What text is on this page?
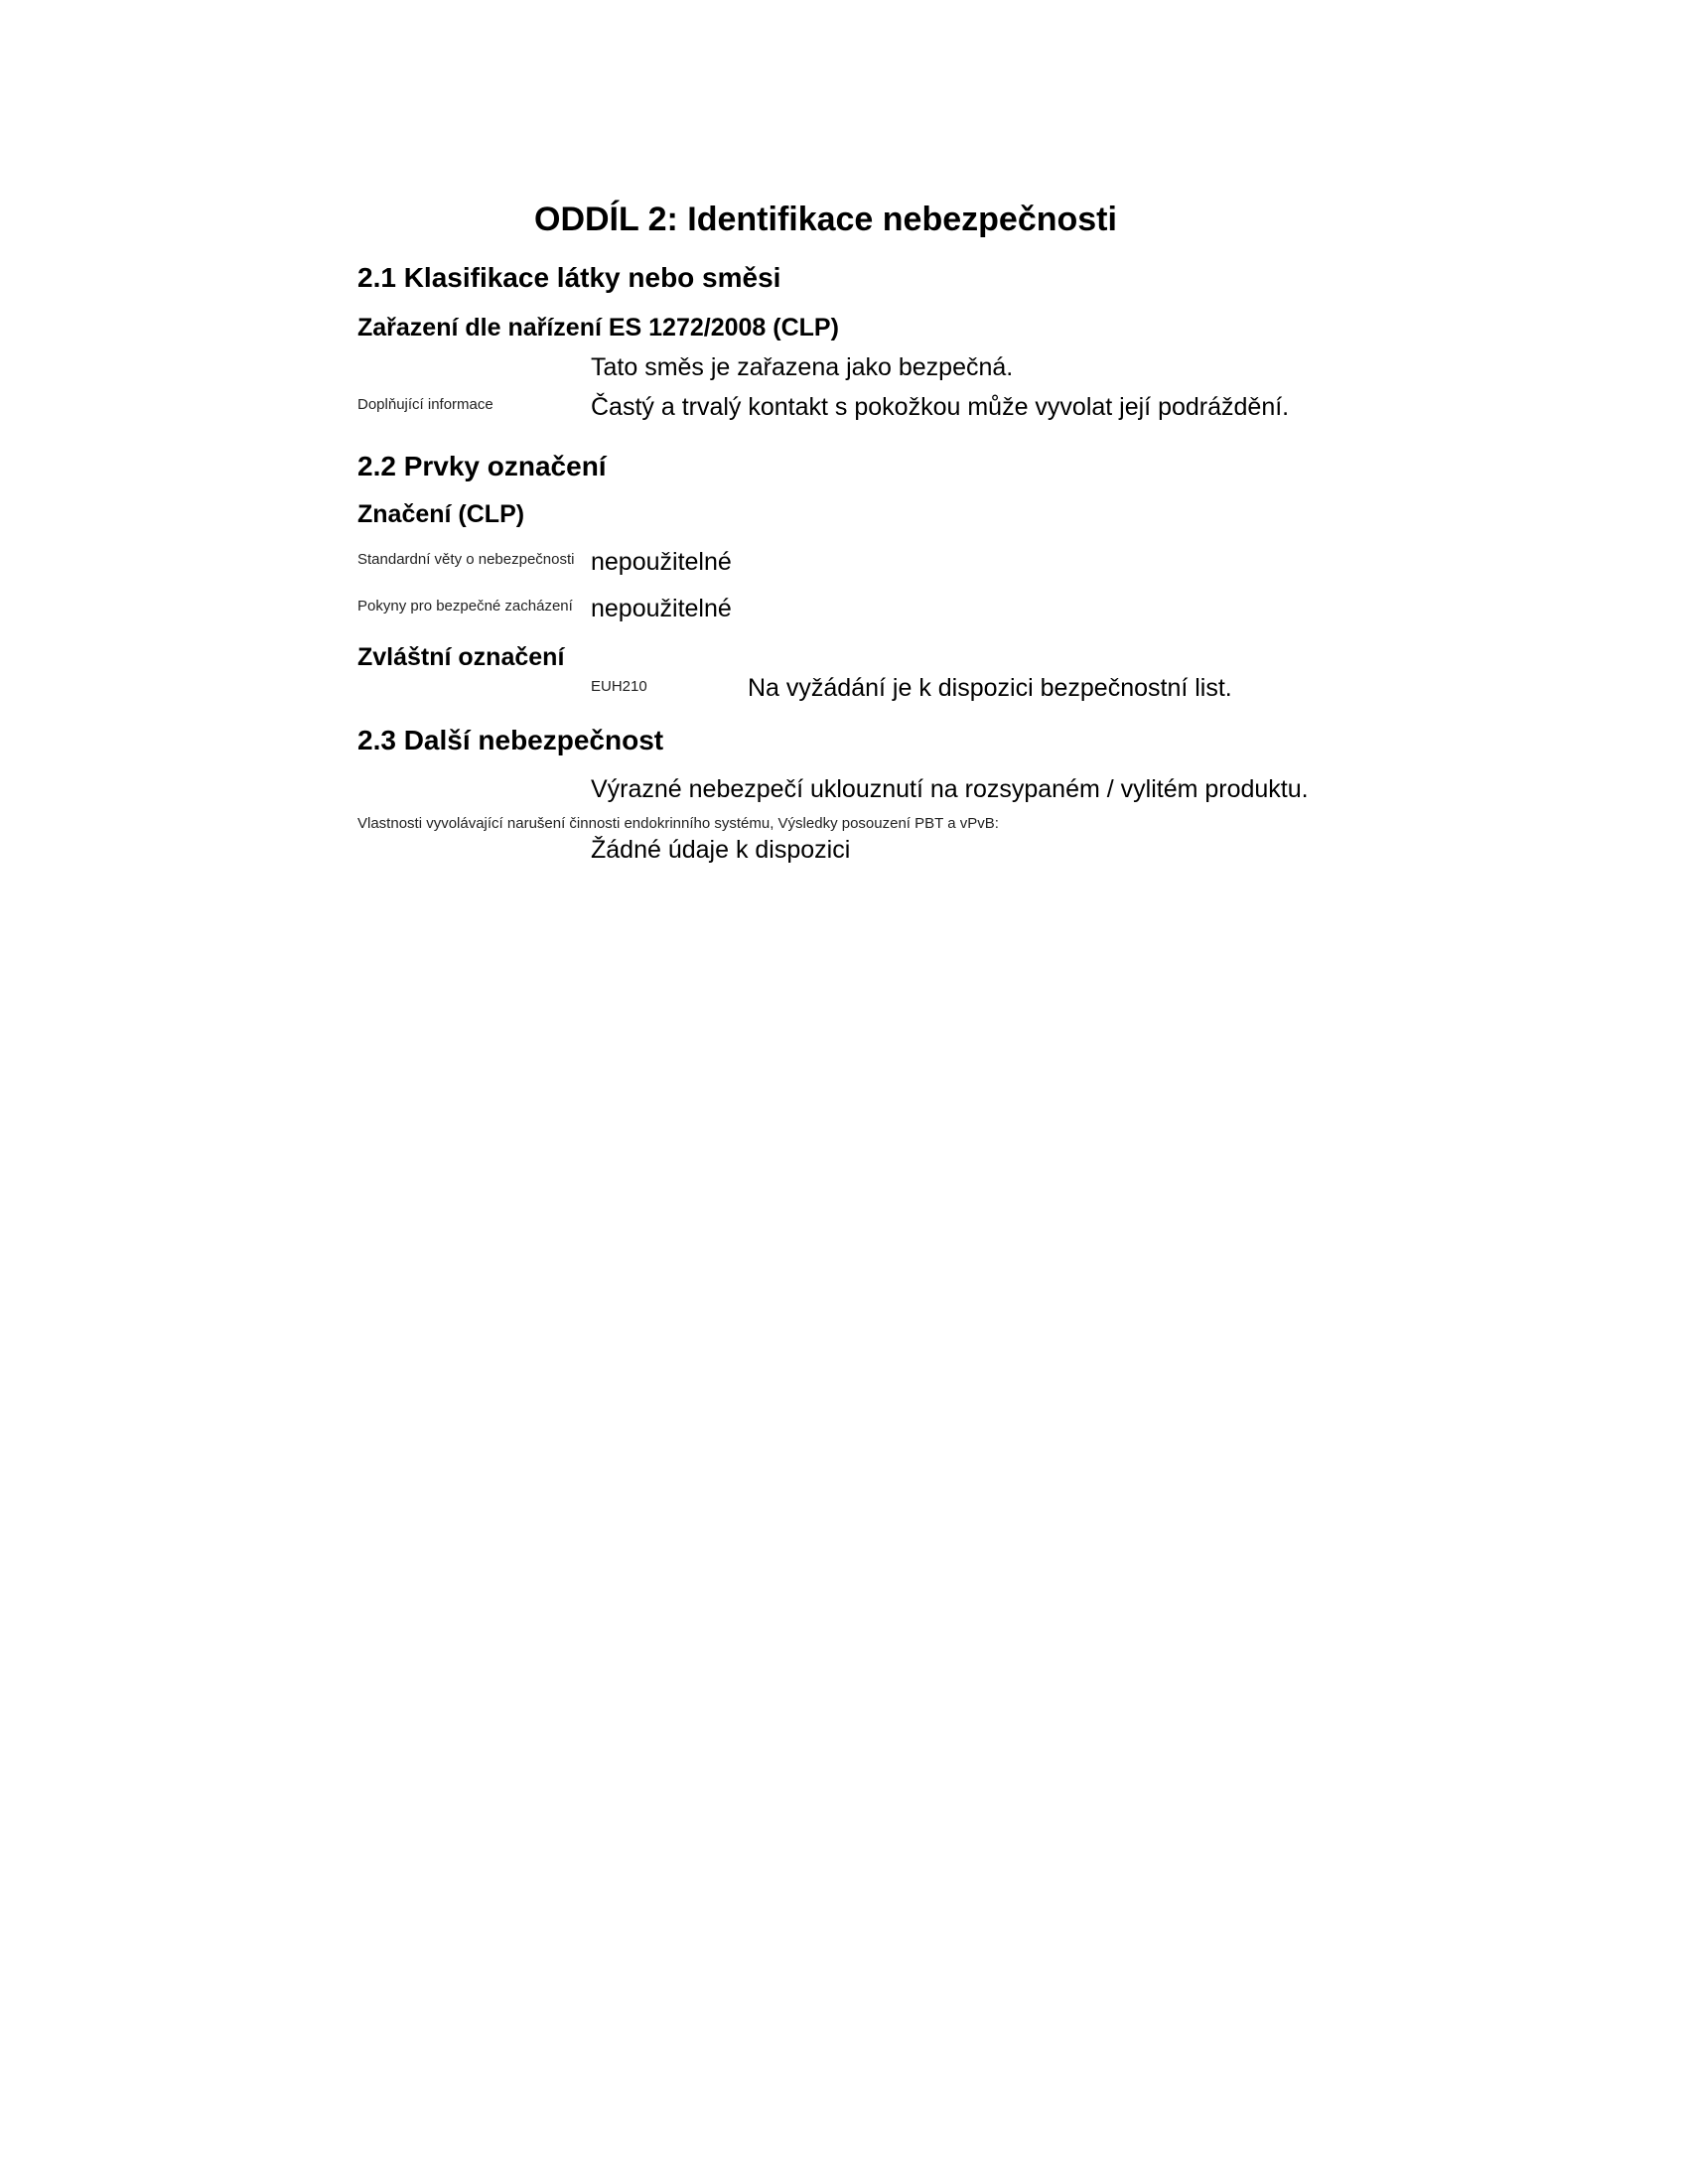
ODDÍL 2: Identifikace nebezpečnosti
2.1 Klasifikace látky nebo směsi
Zařazení dle nařízení ES 1272/2008 (CLP)
Tato směs je zařazena jako bezpečná.
Doplňující informace	Častý a trvalý kontakt s pokožkou může vyvolat její podráždění.
2.2 Prvky označení
Značení (CLP)
Standardní věty o nebezpečnosti nepoužitelné
Pokyny pro bezpečné zacházení nepoužitelné
Zvláštní označení
EUH210	Na vyžádání je k dispozici bezpečnostní list.
2.3 Další nebezpečnost
Výrazné nebezpečí uklouznutí na rozsypaném / vylitém produktu.
Vlastnosti vyvolávající narušení činnosti endokrinního systému, Výsledky posouzení PBT a vPvB:
Žádné údaje k dispozici
